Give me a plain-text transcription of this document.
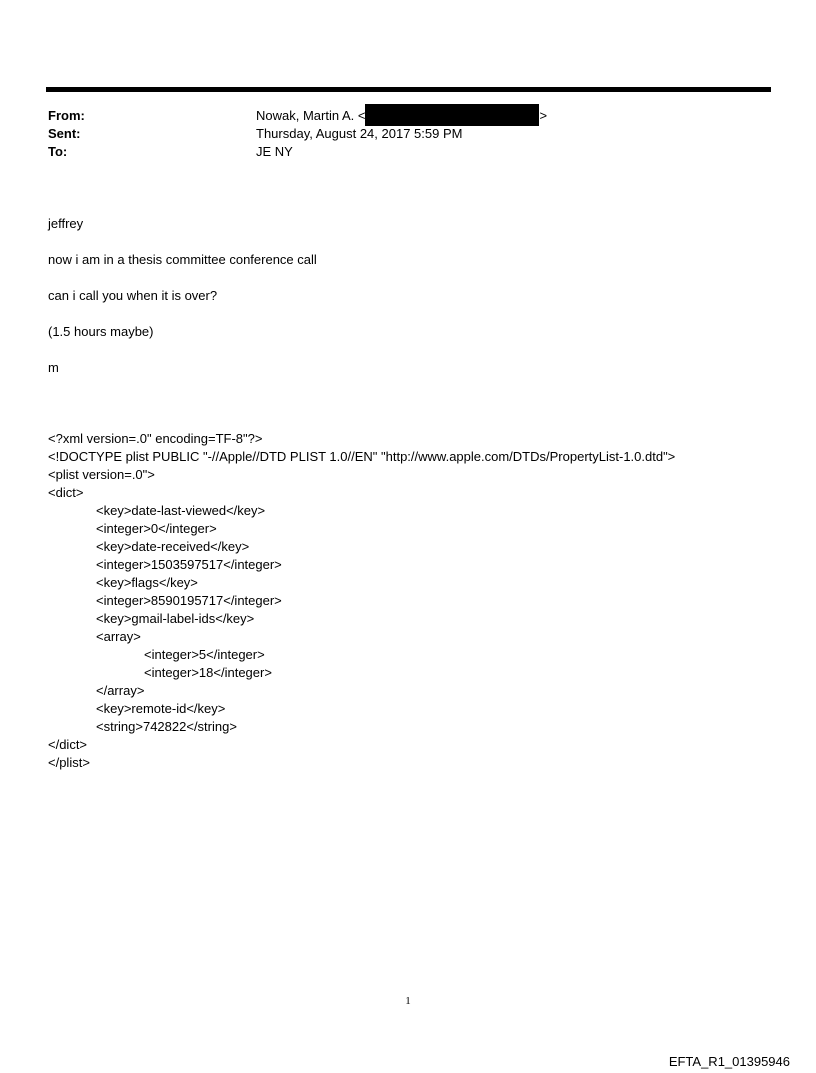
From:	Nowak, Martin A. <	>
Sent:	Thursday, August 24, 2017 5:59 PM
To:	JE NY

jeffrey

now i am in a thesis committee conference call

can i call you when it is over?

(1.5 hours maybe)

m

<?xml version=.0" encoding=TF-8"?>
<!DOCTYPE plist PUBLIC "-//Apple//DTD PLIST 1.0//EN" "http://www.apple.com/DTDs/PropertyList-1.0.dtd">
<plist version=.0">
<dict>
<key>date-last-viewed</key>
<integer>0</integer>
<key>date-received</key>
<integer>1503597517</integer>
<key>flags</key>
<integer>8590195717</integer>
<key>gmail-label-ids</key>
<array>
<integer>5</integer>
<integer>18</integer>
</array>
<key>remote-id</key>
<string>742822</string>
</dict>
</plist>
1
EFTA_R1_01395946
